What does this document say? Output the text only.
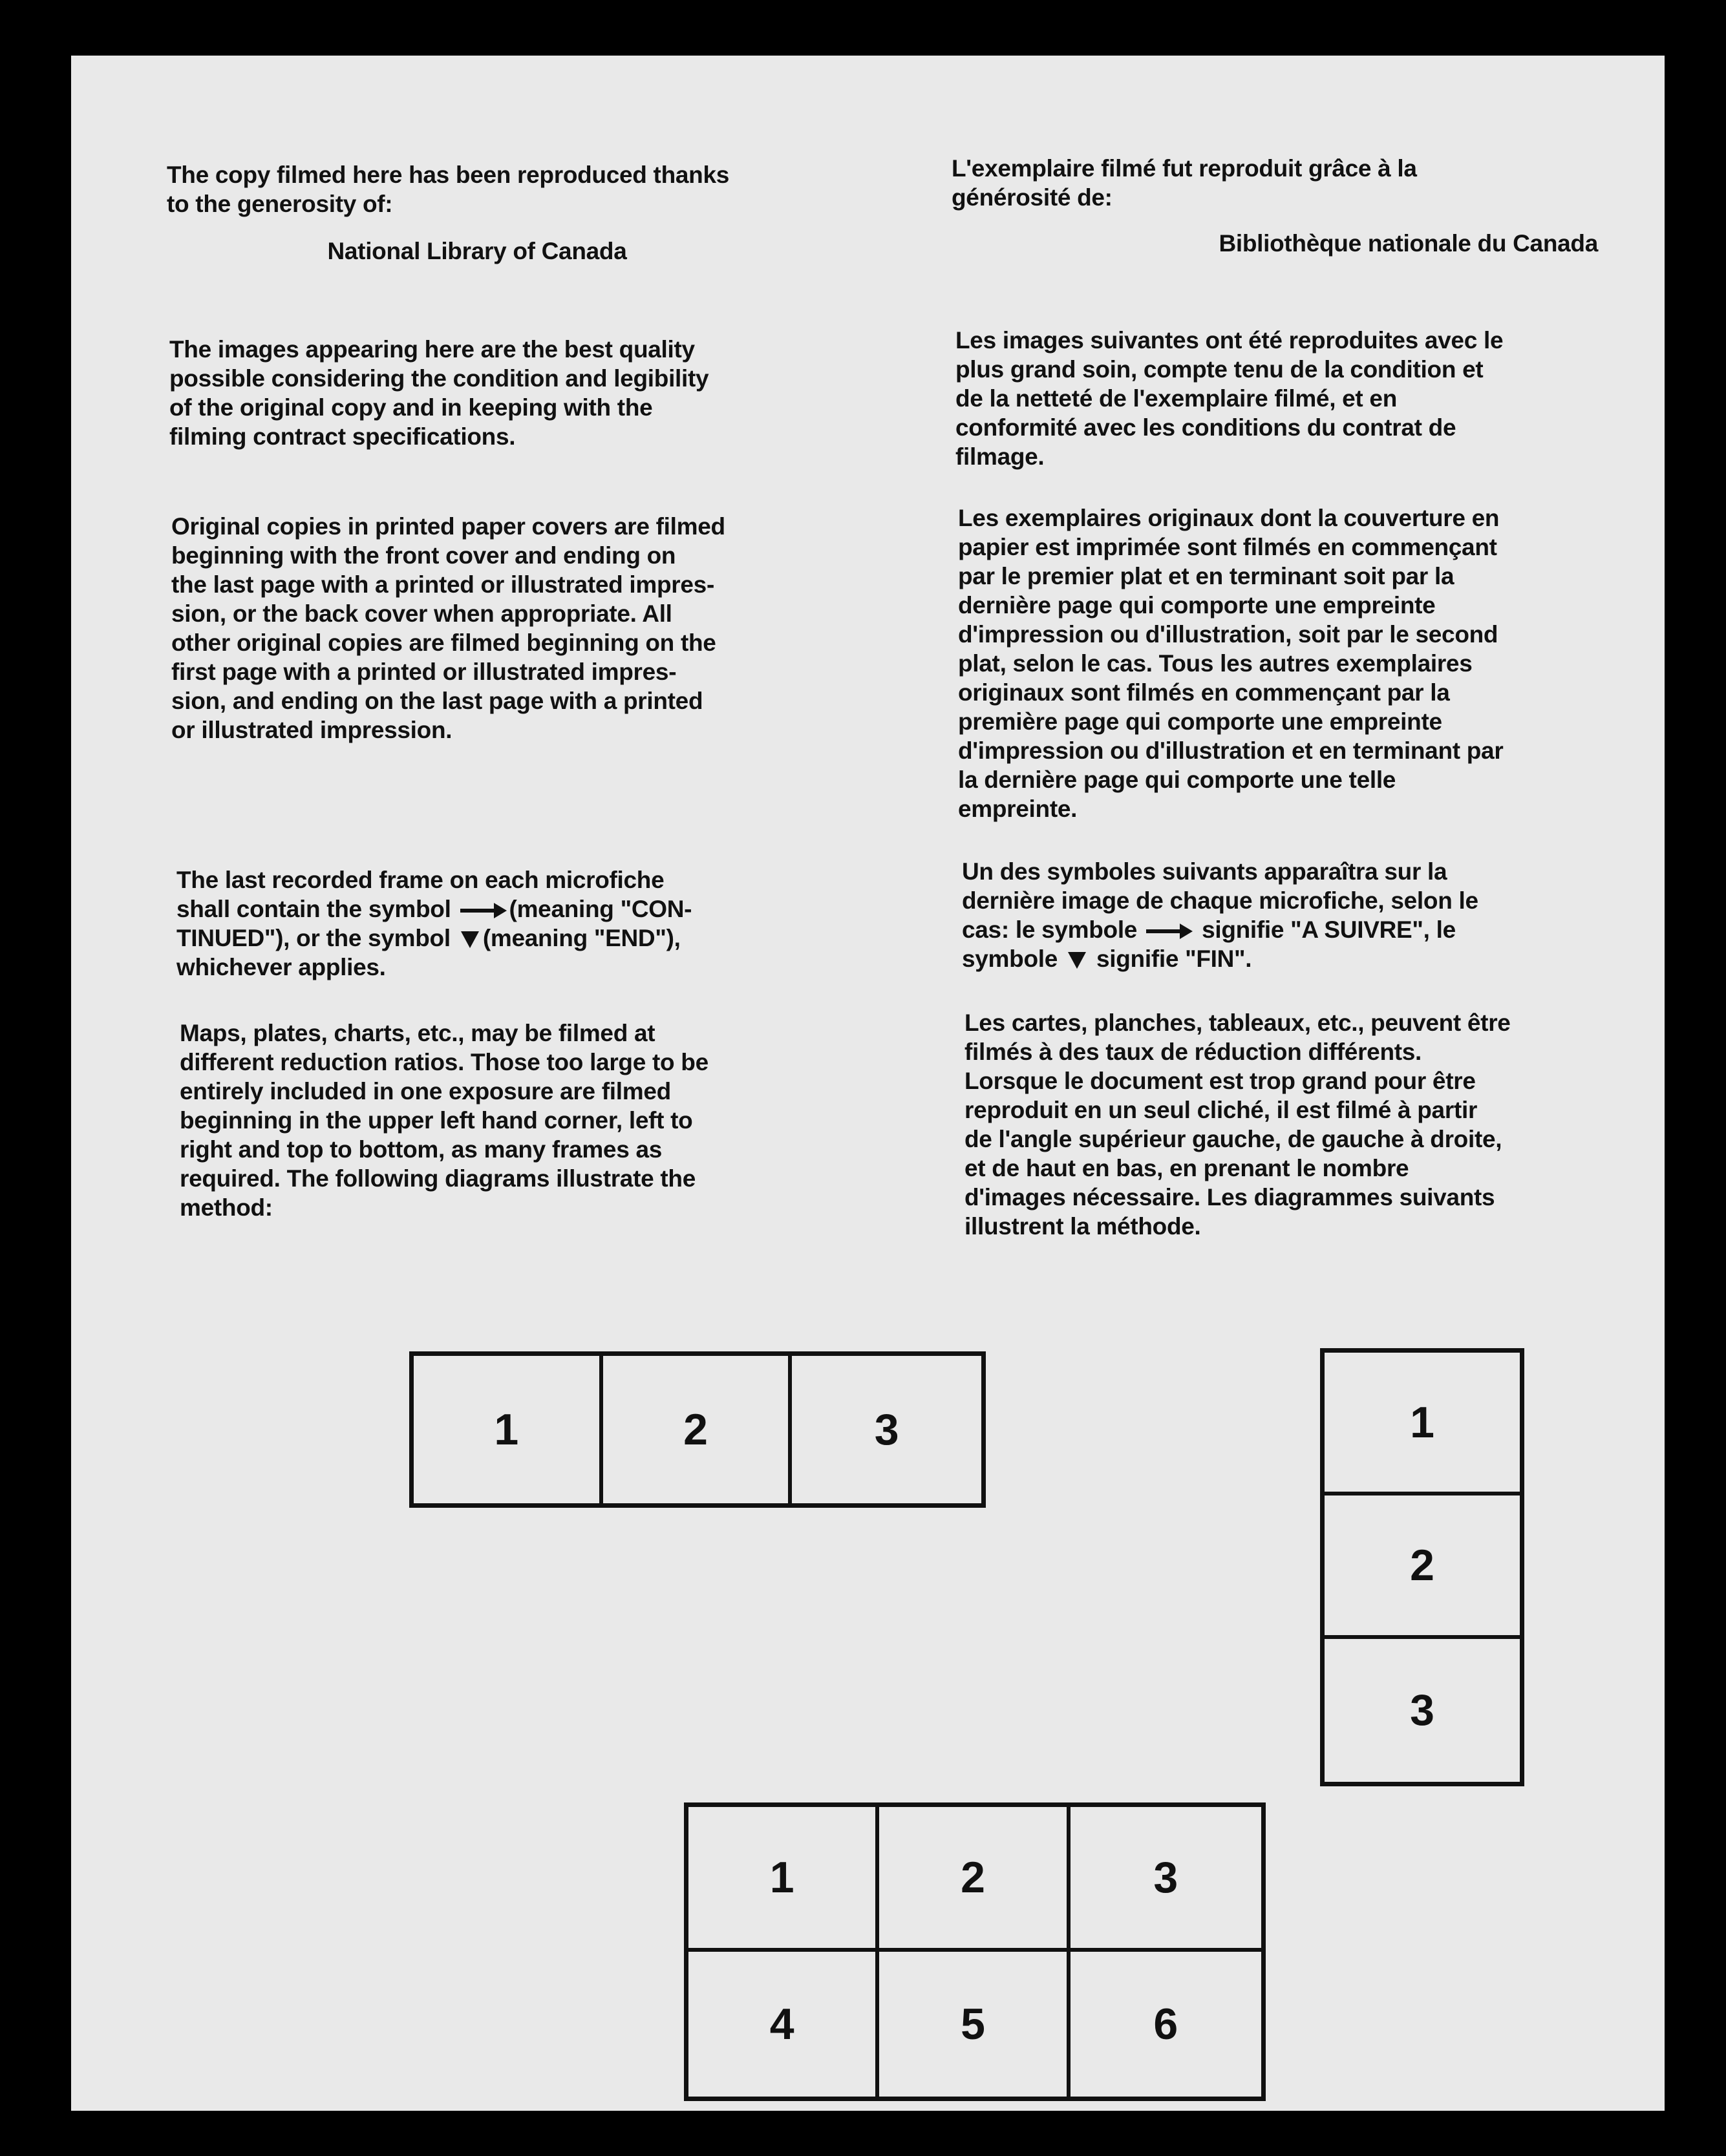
The copy filmed here has been reproduced thanks
to the generosity of:

National Library of Canada

The images appearing here are the best quality
possible considering the condition and legibility
of the original copy and in keeping with the
filming contract specifications.

Original copies in printed paper covers are filmed
beginning with the front cover and ending on
the last page with a printed or illustrated impres-
sion, or the back cover when appropriate. All
other original copies are filmed beginning on the
first page with a printed or illustrated impres-
sion, and ending on the last page with a printed
or illustrated impression.

The last recorded frame on each microfiche
shall contain the symbol (meaning "CON-
TINUED"), or the symbol (meaning "END"),
whichever applies.

Maps, plates, charts, etc., may be filmed at
different reduction ratios. Those too large to be
entirely included in one exposure are filmed
beginning in the upper left hand corner, left to
right and top to bottom, as many frames as
required. The following diagrams illustrate the
method:

L'exemplaire filmé fut reproduit grâce à la
générosité de:

Bibliothèque nationale du Canada

Les images suivantes ont été reproduites avec le
plus grand soin, compte tenu de la condition et
de la netteté de l'exemplaire filmé, et en
conformité avec les conditions du contrat de
filmage.

Les exemplaires originaux dont la couverture en
papier est imprimée sont filmés en commençant
par le premier plat et en terminant soit par la
dernière page qui comporte une empreinte
d'impression ou d'illustration, soit par le second
plat, selon le cas. Tous les autres exemplaires
originaux sont filmés en commençant par la
première page qui comporte une empreinte
d'impression ou d'illustration et en terminant par
la dernière page qui comporte une telle
empreinte.

Un des symboles suivants apparaîtra sur la
dernière image de chaque microfiche, selon le
cas: le symbole	signifie "A SUIVRE", le
symbole signifie "FIN".

Les cartes, planches, tableaux, etc., peuvent être
filmés à des taux de réduction différents.
Lorsque le document est trop grand pour être
reproduit en un seul cliché, il est filmé à partir
de l'angle supérieur gauche, de gauche à droite,
et de haut en bas, en prenant le nombre
d'images nécessaire. Les diagrammes suivants
illustrent la méthode.

1	2	3	1
2
3
1	2	3
4	5	6
